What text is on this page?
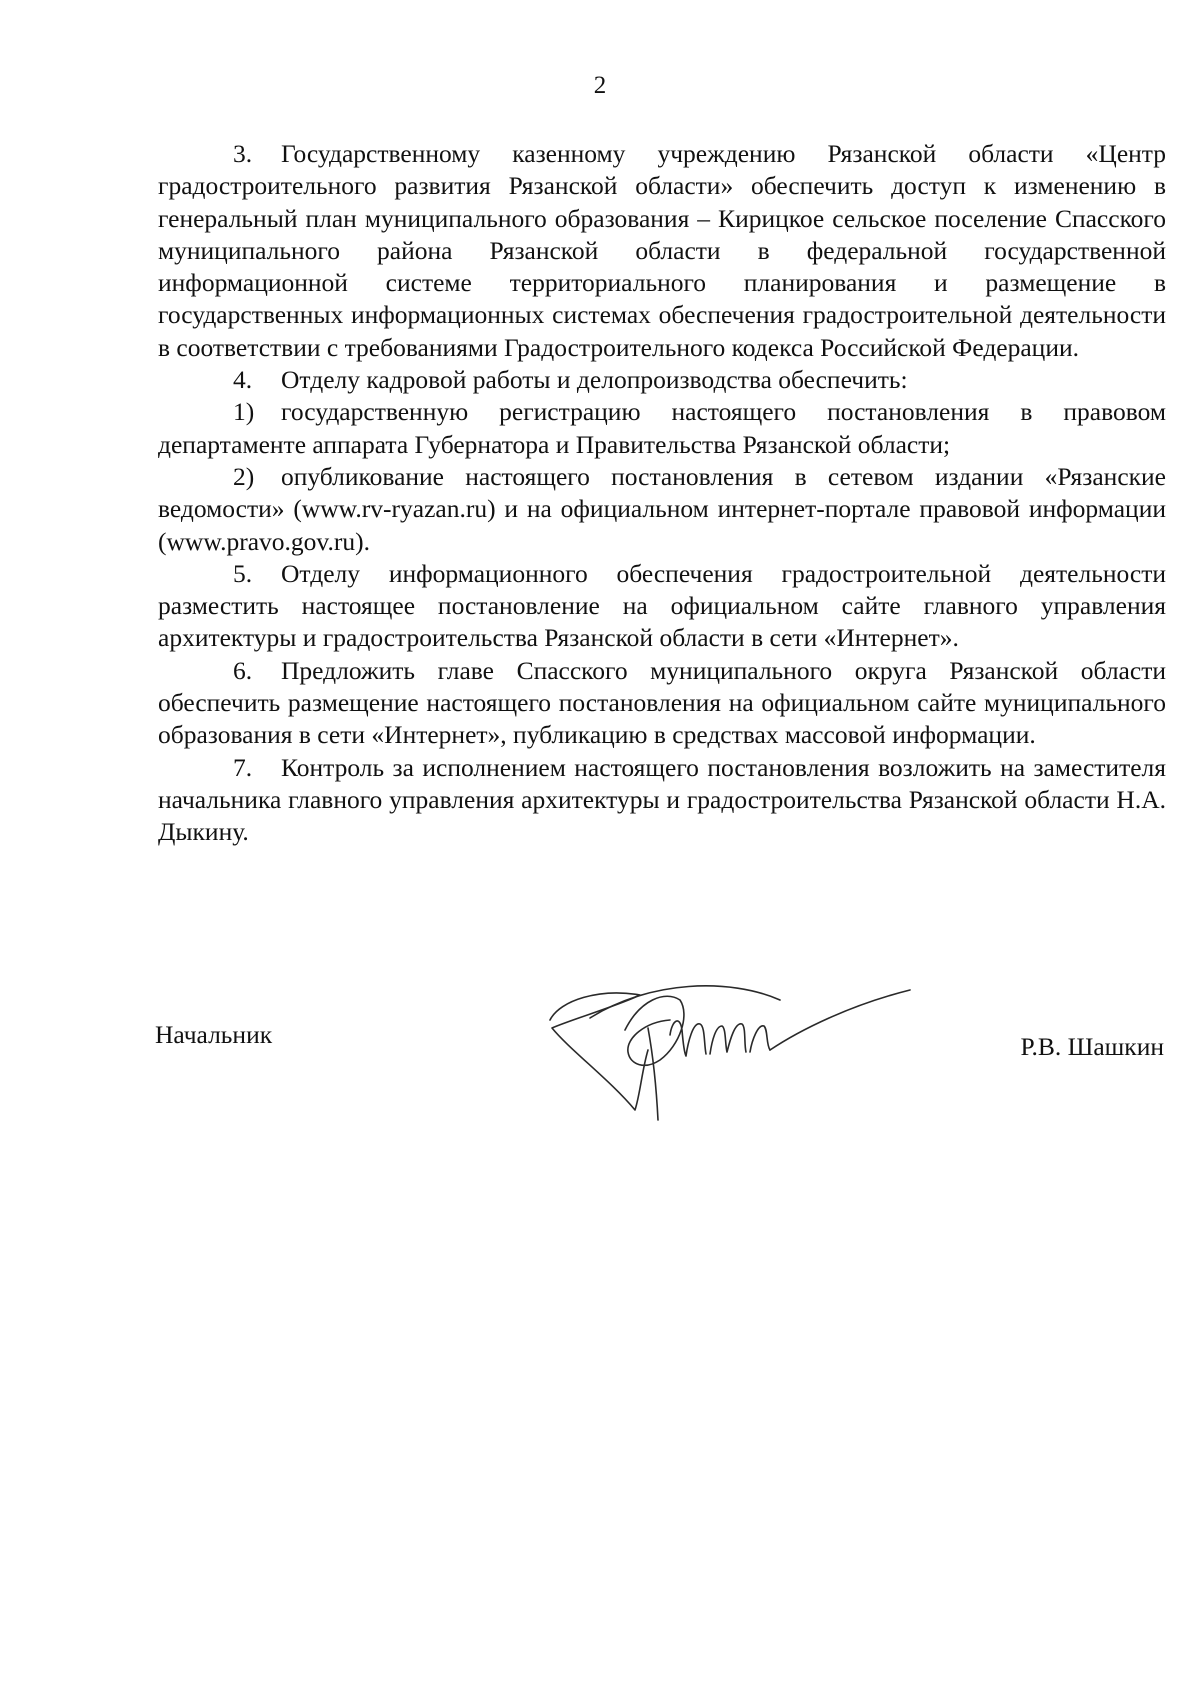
2

3. Государственному казенному учреждению Рязанской области «Центр градостроительного развития Рязанской области» обеспечить доступ к изменению в генеральный план муниципального образования – Кирицкое сельское поселение Спасского муниципального района Рязанской области в федеральной государственной информационной системе территориального планирования и размещение в государственных информационных системах обеспечения градостроительной деятельности в соответствии с требованиями Градостроительного кодекса Российской Федерации.

4. Отделу кадровой работы и делопроизводства обеспечить:

1) государственную регистрацию настоящего постановления в правовом департаменте аппарата Губернатора и Правительства Рязанской области;

2) опубликование настоящего постановления в сетевом издании «Рязанские ведомости» (www.rv-ryazan.ru) и на официальном интернет-портале правовой информации (www.pravo.gov.ru).

5. Отделу информационного обеспечения градостроительной деятельности разместить настоящее постановление на официальном сайте главного управления архитектуры и градостроительства Рязанской области в сети «Интернет».

6. Предложить главе Спасского муниципального округа Рязанской области обеспечить размещение настоящего постановления на официальном сайте муниципального образования в сети «Интернет», публикацию в средствах массовой информации.

7. Контроль за исполнением настоящего постановления возложить на заместителя начальника главного управления архитектуры и градостроительства Рязанской области Н.А. Дыкину.

Начальник	Р.В. Шашкин
